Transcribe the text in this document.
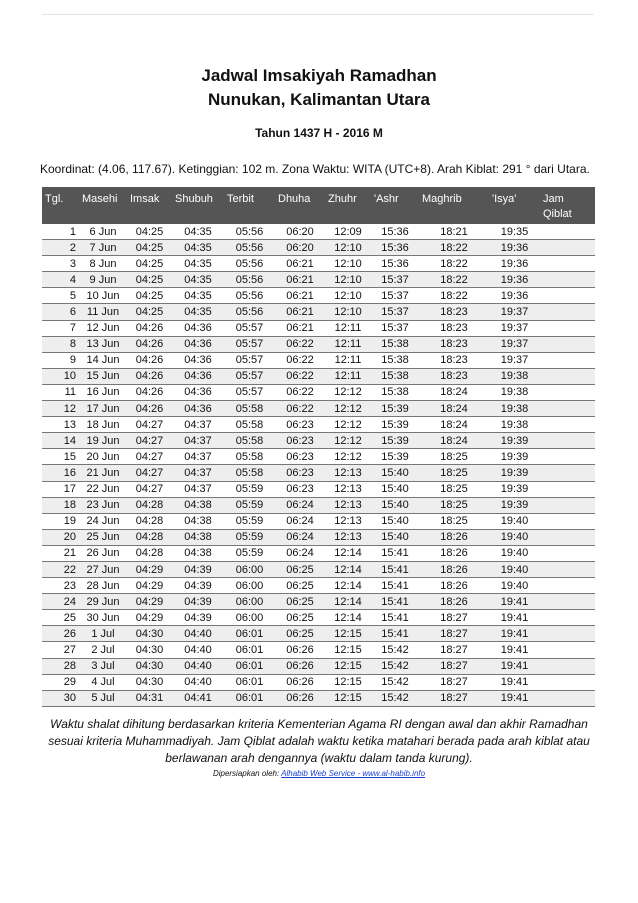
Jadwal Imsakiyah Ramadhan
Nunukan, Kalimantan Utara
Tahun 1437 H - 2016 M
Koordinat: (4.06, 117.67). Ketinggian: 102 m. Zona Waktu: WITA (UTC+8). Arah Kiblat: 291 ° dari Utara.
Tgl.	Masehi	Imsak	Shubuh	Terbit	Dhuha	Zhuhr	'Ashr	Maghrib	'Isya'	Jam Qiblat
1	6 Jun	04:25	04:35	05:56	06:20	12:09	15:36	18:21	19:35	
2	7 Jun	04:25	04:35	05:56	06:20	12:10	15:36	18:22	19:36	
3	8 Jun	04:25	04:35	05:56	06:21	12:10	15:36	18:22	19:36	
4	9 Jun	04:25	04:35	05:56	06:21	12:10	15:37	18:22	19:36	
5	10 Jun	04:25	04:35	05:56	06:21	12:10	15:37	18:22	19:36	
6	11 Jun	04:25	04:35	05:56	06:21	12:10	15:37	18:23	19:37	
7	12 Jun	04:26	04:36	05:57	06:21	12:11	15:37	18:23	19:37	
8	13 Jun	04:26	04:36	05:57	06:22	12:11	15:38	18:23	19:37	
9	14 Jun	04:26	04:36	05:57	06:22	12:11	15:38	18:23	19:37	
10	15 Jun	04:26	04:36	05:57	06:22	12:11	15:38	18:23	19:38	
11	16 Jun	04:26	04:36	05:57	06:22	12:12	15:38	18:24	19:38	
12	17 Jun	04:26	04:36	05:58	06:22	12:12	15:39	18:24	19:38	
13	18 Jun	04:27	04:37	05:58	06:23	12:12	15:39	18:24	19:38	
14	19 Jun	04:27	04:37	05:58	06:23	12:12	15:39	18:24	19:39	
15	20 Jun	04:27	04:37	05:58	06:23	12:12	15:39	18:25	19:39	
16	21 Jun	04:27	04:37	05:58	06:23	12:13	15:40	18:25	19:39	
17	22 Jun	04:27	04:37	05:59	06:23	12:13	15:40	18:25	19:39	
18	23 Jun	04:28	04:38	05:59	06:24	12:13	15:40	18:25	19:39	
19	24 Jun	04:28	04:38	05:59	06:24	12:13	15:40	18:25	19:40	
20	25 Jun	04:28	04:38	05:59	06:24	12:13	15:40	18:26	19:40	
21	26 Jun	04:28	04:38	05:59	06:24	12:14	15:41	18:26	19:40	
22	27 Jun	04:29	04:39	06:00	06:25	12:14	15:41	18:26	19:40	
23	28 Jun	04:29	04:39	06:00	06:25	12:14	15:41	18:26	19:40	
24	29 Jun	04:29	04:39	06:00	06:25	12:14	15:41	18:26	19:41	
25	30 Jun	04:29	04:39	06:00	06:25	12:14	15:41	18:27	19:41	
26	1 Jul	04:30	04:40	06:01	06:25	12:15	15:41	18:27	19:41	
27	2 Jul	04:30	04:40	06:01	06:26	12:15	15:42	18:27	19:41	
28	3 Jul	04:30	04:40	06:01	06:26	12:15	15:42	18:27	19:41	
29	4 Jul	04:30	04:40	06:01	06:26	12:15	15:42	18:27	19:41	
30	5 Jul	04:31	04:41	06:01	06:26	12:15	15:42	18:27	19:41	
Waktu shalat dihitung berdasarkan kriteria Kementerian Agama RI dengan awal dan akhir Ramadhan sesuai kriteria Muhammadiyah. Jam Qiblat adalah waktu ketika matahari berada pada arah kiblat atau berlawanan arah dengannya (waktu dalam tanda kurung).
Dipersiapkan oleh: Alhabib Web Service - www.al-habib.info
